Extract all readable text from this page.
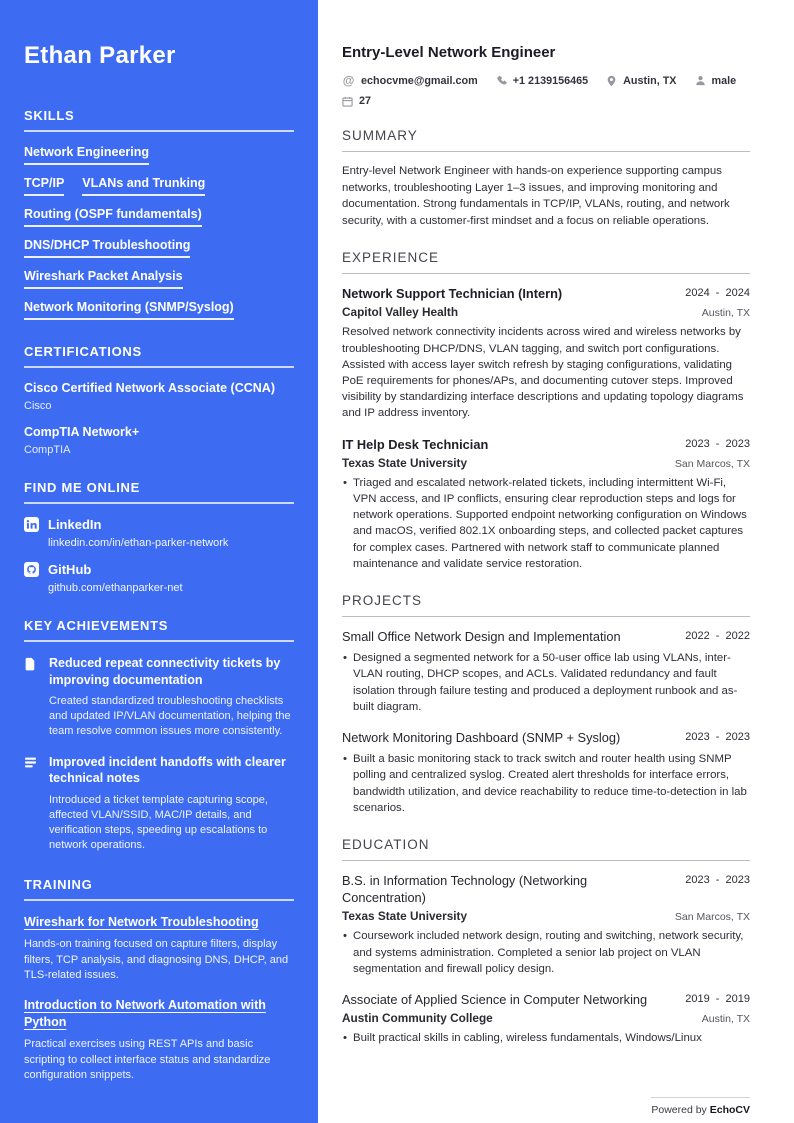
Ethan Parker
SKILLS
Network Engineering
TCP/IP VLANs and Trunking
Routing (OSPF fundamentals)
DNS/DHCP Troubleshooting
Wireshark Packet Analysis
Network Monitoring (SNMP/Syslog)
CERTIFICATIONS
Cisco Certified Network Associate (CCNA)
Cisco
CompTIA Network+
CompTIA
FIND ME ONLINE
LinkedIn
linkedin.com/in/ethan-parker-network
GitHub
github.com/ethanparker-net
KEY ACHIEVEMENTS
Reduced repeat connectivity tickets by improving documentation
Created standardized troubleshooting checklists and updated IP/VLAN documentation, helping the team resolve common issues more consistently.
Improved incident handoffs with clearer technical notes
Introduced a ticket template capturing scope, affected VLAN/SSID, MAC/IP details, and verification steps, speeding up escalations to network operations.
TRAINING
Wireshark for Network Troubleshooting
Hands-on training focused on capture filters, display filters, TCP analysis, and diagnosing DNS, DHCP, and TLS-related issues.
Introduction to Network Automation with Python
Practical exercises using REST APIs and basic scripting to collect interface status and standardize configuration snippets.
Entry-Level Network Engineer
@ echocvme@gmail.com	+1 2139156465	Austin, TX	male
27
SUMMARY

Entry-level Network Engineer with hands-on experience supporting campus networks, troubleshooting Layer 1–3 issues, and improving monitoring and documentation. Strong fundamentals in TCP/IP, VLANs, routing, and network security, with a customer-first mindset and a focus on reliable operations.

EXPERIENCE
Network Support Technician (Intern)	2024 - 2024
Capitol Valley Health	Austin, TX

Resolved network connectivity incidents across wired and wireless networks by troubleshooting DHCP/DNS, VLAN tagging, and switch port configurations. Assisted with access layer switch refresh by staging configurations, validating PoE requirements for phones/APs, and documenting cutover steps. Improved visibility by standardizing interface descriptions and updating topology diagrams and IP address inventory.

IT Help Desk Technician	2023 - 2023
Texas State University	San Marcos, TX

• Triaged and escalated network-related tickets, including intermittent Wi-Fi, VPN access, and IP conflicts, ensuring clear reproduction steps and logs for network operations. Supported endpoint networking configuration on Windows and macOS, verified 802.1X onboarding steps, and collected packet captures for complex cases. Partnered with network staff to communicate planned maintenance and validate service restoration.

PROJECTS
Small Office Network Design and Implementation	2022 - 2022

• Designed a segmented network for a 50-user office lab using VLANs, inter-VLAN routing, DHCP scopes, and ACLs. Validated redundancy and fault isolation through failure testing and produced a deployment runbook and as-built diagram.

Network Monitoring Dashboard (SNMP + Syslog)	2023 - 2023

• Built a basic monitoring stack to track switch and router health using SNMP polling and centralized syslog. Created alert thresholds for interface errors, bandwidth utilization, and device reachability to reduce time-to-detection in lab scenarios.

EDUCATION
B.S. in Information Technology (Networking Concentration)
2023 - 2023
Texas State University	San Marcos, TX

• Coursework included network design, routing and switching, network security, and systems administration. Completed a senior lab project on VLAN segmentation and firewall policy design.

Associate of Applied Science in Computer Networking	2019 - 2019
Austin Community College	Austin, TX

• Built practical skills in cabling, wireless fundamentals, Windows/Linux

Powered by EchoCV
